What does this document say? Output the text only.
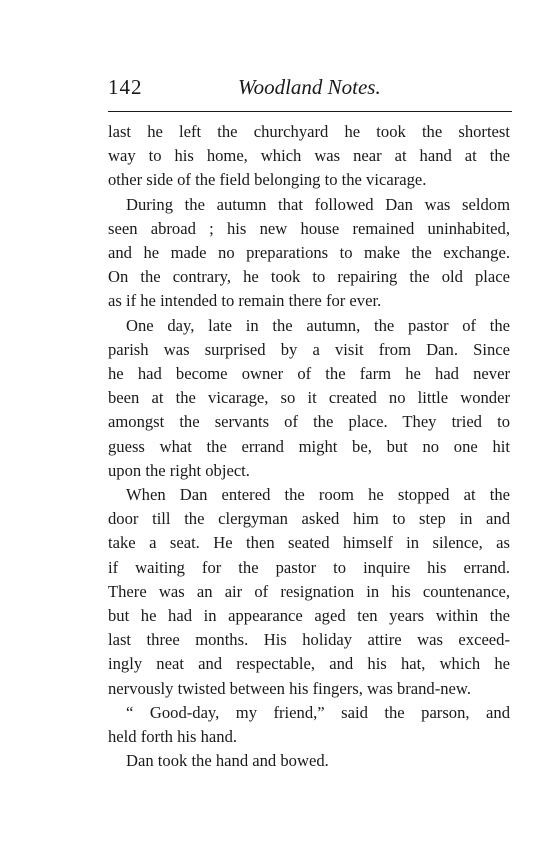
142	Woodland Notes.

last he left the churchyard he took the shortest
way to his home, which was near at hand at the
other side of the field belonging to the vicarage.

During the autumn that followed Dan was seldom
seen abroad ; his new house remained uninhabited,
and he made no preparations to make the exchange.
On the contrary, he took to repairing the old place
as if he intended to remain there for ever.

One day, late in the autumn, the pastor of the
parish was surprised by a visit from Dan. Since
he had become owner of the farm he had never
been at the vicarage, so it created no little wonder
amongst the servants of the place. They tried to
guess what the errand might be, but no one hit
upon the right object.

When Dan entered the room he stopped at the
door till the clergyman asked him to step in and
take a seat. He then seated himself in silence, as
if waiting for the pastor to inquire his errand.
There was an air of resignation in his countenance,
but he had in appearance aged ten years within the
last three months. His holiday attire was exceed-
ingly neat and respectable, and his hat, which he
nervously twisted between his fingers, was brand-new.

“ Good-day, my friend,” said the parson, and
held forth his hand.

Dan took the hand and bowed.
